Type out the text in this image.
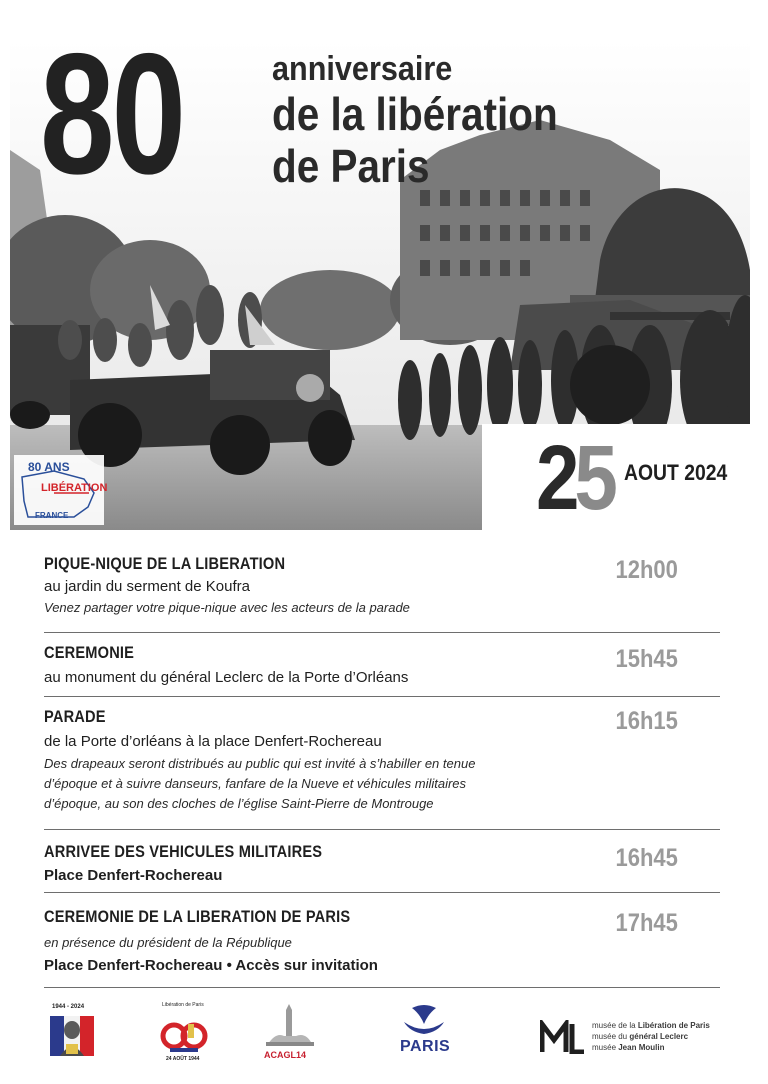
80	anniversaire
de la libération
de Paris
80 ANS
LIBÉRATION
FRANCE	25 AOUT 2024
PIQUE-NIQUE DE LA LIBERATION
au jardin du serment de Koufra
Venez partager votre pique-nique avec les acteurs de la parade
12h00
CEREMONIE
au monument du général Leclerc de la Porte d’Orléans
15h45
PARADE
de la Porte d’orléans à la place Denfert-Rochereau
Des drapeaux seront distribués au public qui est invité à s’habiller en tenue
d’époque et à suivre danseurs, fanfare de la Nueve et véhicules militaires
d’époque, au son des cloches de l’église Saint-Pierre de Montrouge
16h15
ARRIVEE DES VEHICULES MILITAIRES
Place Denfert-Rochereau
16h45
CEREMONIE DE LA LIBERATION DE PARIS
en présence du président de la République
Place Denfert-Rochereau • Accès sur invitation
17h45
1944 - 2024	Libération de Paris
24 AOÛT 1944	ACAGL14	PARIS
musée de la Libération de Paris
musée du général Leclerc
musée Jean Moulin
